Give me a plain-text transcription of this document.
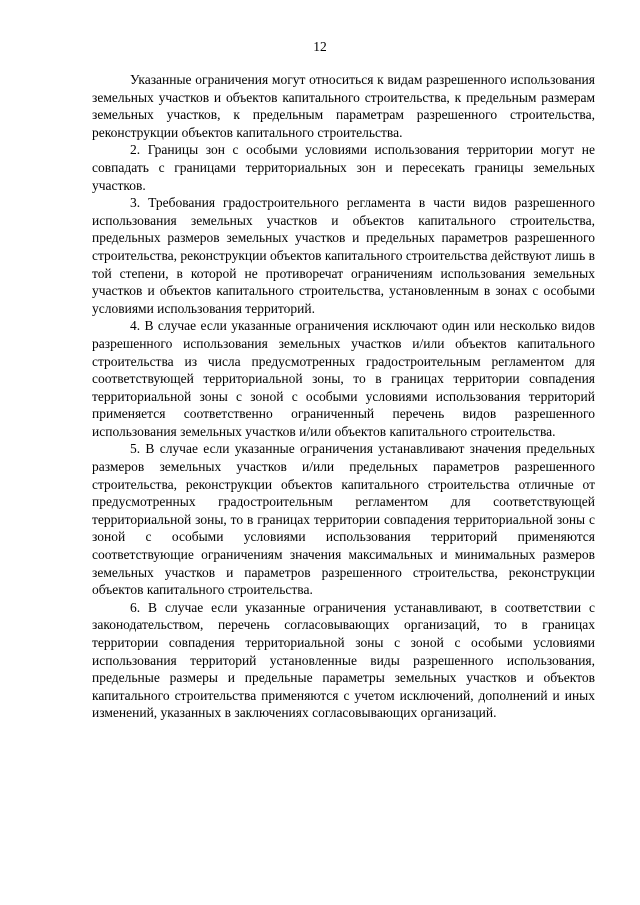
12

Указанные ограничения могут относиться к видам разрешенного использования земельных участков и объектов капитального строительства, к предельным размерам земельных участков, к предельным параметрам разрешенного строительства, реконструкции объектов капитального строительства.

2. Границы зон с особыми условиями использования территории могут не совпадать с границами территориальных зон и пересекать границы земельных участков.

3. Требования градостроительного регламента в части видов разрешенного использования земельных участков и объектов капитального строительства, предельных размеров земельных участков и предельных параметров разрешенного строительства, реконструкции объектов капитального строительства действуют лишь в той степени, в которой не противоречат ограничениям использования земельных участков и объектов капитального строительства, установленным в зонах с особыми условиями использования территорий.

4. В случае если указанные ограничения исключают один или несколько видов разрешенного использования земельных участков и/или объектов капитального строительства из числа предусмотренных градостроительным регламентом для соответствующей территориальной зоны, то в границах территории совпадения территориальной зоны с зоной с особыми условиями использования территорий применяется соответственно ограниченный перечень видов разрешенного использования земельных участков и/или объектов капитального строительства.

5. В случае если указанные ограничения устанавливают значения предельных размеров земельных участков и/или предельных параметров разрешенного строительства, реконструкции объектов капитального строительства отличные от предусмотренных градостроительным регламентом для соответствующей территориальной зоны, то в границах территории совпадения территориальной зоны с зоной с особыми условиями использования территорий применяются соответствующие ограничениям значения максимальных и минимальных размеров земельных участков и параметров разрешенного строительства, реконструкции объектов капитального строительства.

6. В случае если указанные ограничения устанавливают, в соответствии с законодательством, перечень согласовывающих организаций, то в границах территории совпадения территориальной зоны с зоной с особыми условиями использования территорий установленные виды разрешенного использования, предельные размеры и предельные параметры земельных участков и объектов капитального строительства применяются с учетом исключений, дополнений и иных изменений, указанных в заключениях согласовывающих организаций.
